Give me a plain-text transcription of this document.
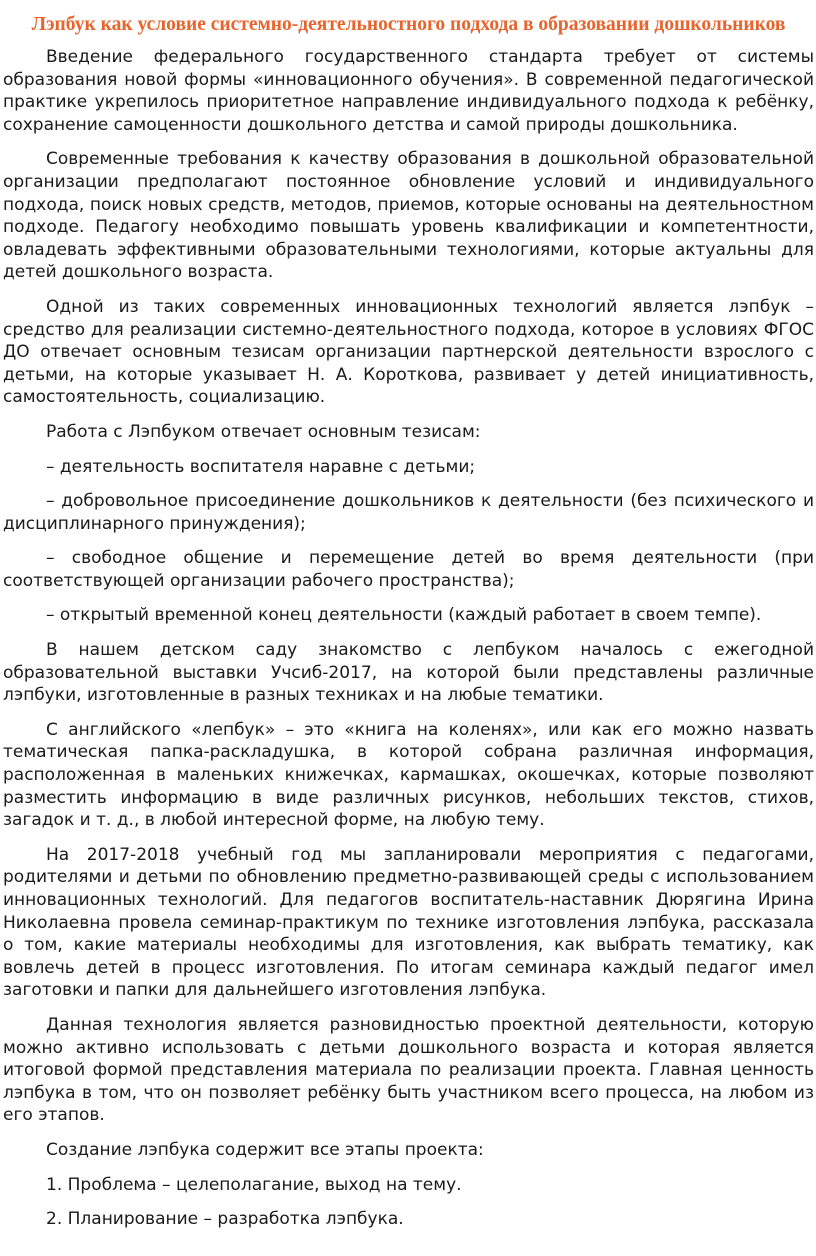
Лэпбук как условие системно-деятельностного подхода в образовании дошкольников

Введение федерального государственного стандарта требует от системы образования новой формы «инновационного обучения». В современной педагогической практике укрепилось приоритетное направление индивидуального подхода к ребёнку, сохранение самоценности дошкольного детства и самой природы дошкольника.

Современные требования к качеству образования в дошкольной образовательной организации предполагают постоянное обновление условий и индивидуального подхода, поиск новых средств, методов, приемов, которые основаны на деятельностном подходе. Педагогу необходимо повышать уровень квалификации и компетентности, овладевать эффективными образовательными технологиями, которые актуальны для детей дошкольного возраста.

Одной из таких современных инновационных технологий является лэпбук – средство для реализации системно-деятельностного подхода, которое в условиях ФГОС ДО отвечает основным тезисам организации партнерской деятельности взрослого с детьми, на которые указывает Н. А. Короткова, развивает у детей инициативность, самостоятельность, социализацию.

Работа с Лэпбуком отвечает основным тезисам:

– деятельность воспитателя наравне с детьми;

– добровольное присоединение дошкольников к деятельности (без психического и дисциплинарного принуждения);

– свободное общение и перемещение детей во время деятельности (при соответствующей организации рабочего пространства);

– открытый временной конец деятельности (каждый работает в своем темпе).

В нашем детском саду знакомство с лепбуком началось с ежегодной образовательной выставки Учсиб-2017, на которой были представлены различные лэпбуки, изготовленные в разных техниках и на любые тематики.

С английского «лепбук» – это «книга на коленях», или как его можно назвать тематическая папка-раскладушка, в которой собрана различная информация, расположенная в маленьких книжечках, кармашках, окошечках, которые позволяют разместить информацию в виде различных рисунков, небольших текстов, стихов, загадок и т. д., в любой интересной форме, на любую тему.

На 2017-2018 учебный год мы запланировали мероприятия с педагогами, родителями и детьми по обновлению предметно-развивающей среды с использованием инновационных технологий. Для педагогов воспитатель-наставник Дюрягина Ирина Николаевна провела семинар-практикум по технике изготовления лэпбука, рассказала о том, какие материалы необходимы для изготовления, как выбрать тематику, как вовлечь детей в процесс изготовления. По итогам семинара каждый педагог имел заготовки и папки для дальнейшего изготовления лэпбука.

Данная технология является разновидностью проектной деятельности, которую можно активно использовать с детьми дошкольного возраста и которая является итоговой формой представления материала по реализации проекта. Главная ценность лэпбука в том, что он позволяет ребёнку быть участником всего процесса, на любом из его этапов.

Создание лэпбука содержит все этапы проекта:

1. Проблема – целеполагание, выход на тему.

2. Планирование – разработка лэпбука.
